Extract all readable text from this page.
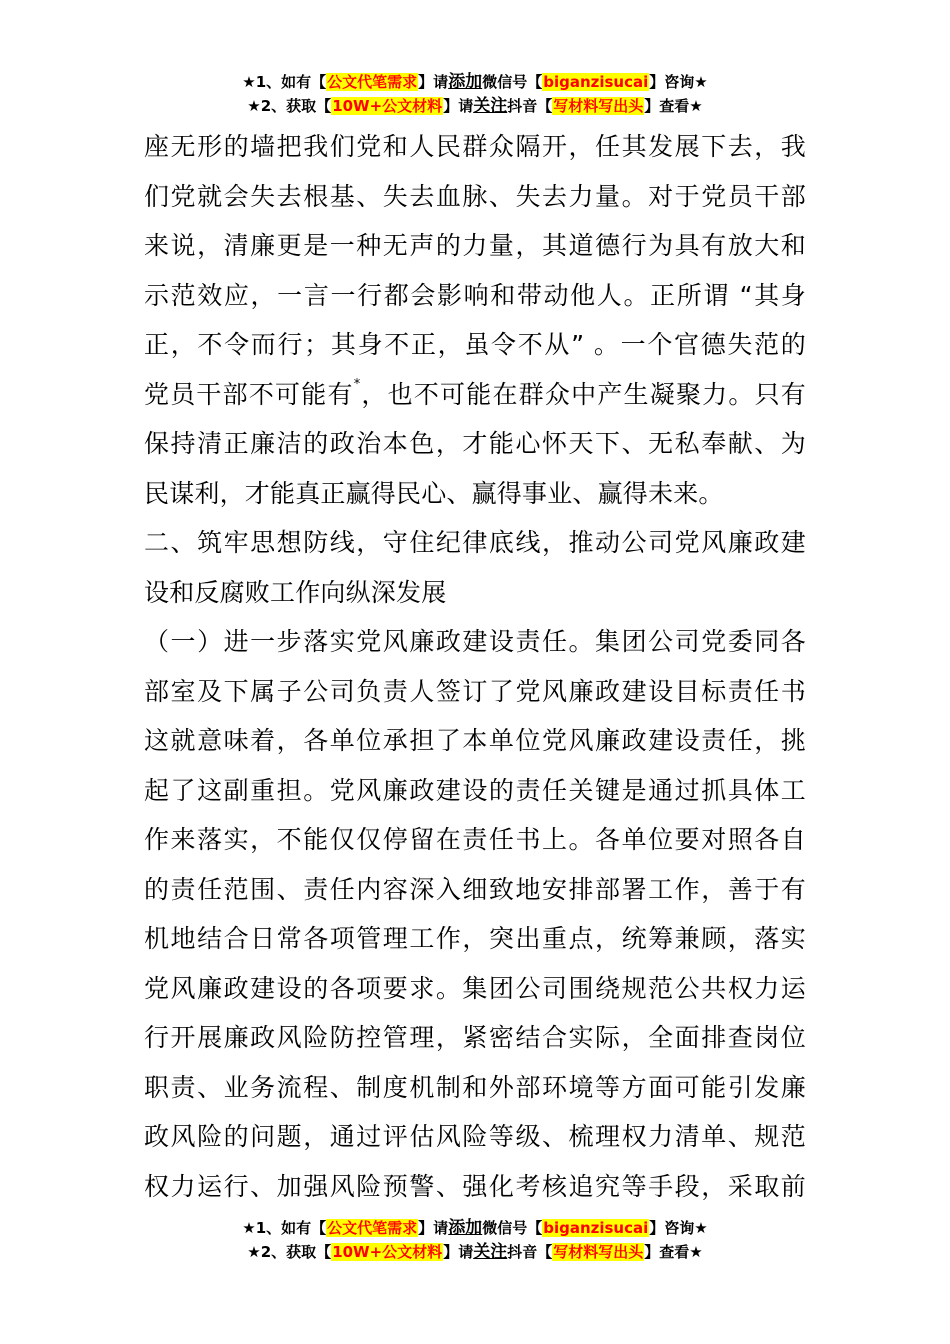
★1、如有【公文代笔需求】请添加微信号【biganzisucai】咨询★
★2、获取【10W+公文材料】请关注抖音【写材料写出头】查看★
座无形的墙把我们党和人民群众隔开，任其发展下去，我
们党就会失去根基、失去血脉、失去力量。对于党员干部
来说，清廉更是一种无声的力量，其道德行为具有放大和
示范效应，一言一行都会影响和带动他人。正所谓 “其身
正，不令而行；其身不正，虽令不从” 。一个官德失范的
党员干部不可能有*，也不可能在群众中产生凝聚力。只有
保持清正廉洁的政治本色，才能心怀天下、无私奉献、为
民谋利，才能真正赢得民心、赢得事业、赢得未来。
二、筑牢思想防线，守住纪律底线，推动公司党风廉政建
设和反腐败工作向纵深发展
（一）进一步落实党风廉政建设责任。集团公司党委同各
部室及下属子公司负责人签订了党风廉政建设目标责任书
这就意味着，各单位承担了本单位党风廉政建设责任，挑
起了这副重担。党风廉政建设的责任关键是通过抓具体工
作来落实，不能仅仅停留在责任书上。各单位要对照各自
的责任范围、责任内容深入细致地安排部署工作，善于有
机地结合日常各项管理工作，突出重点，统筹兼顾，落实
党风廉政建设的各项要求。集团公司围绕规范公共权力运
行开展廉政风险防控管理，紧密结合实际，全面排查岗位
职责、业务流程、制度机制和外部环境等方面可能引发廉
政风险的问题，通过评估风险等级、梳理权力清单、规范
权力运行、加强风险预警、强化考核追究等手段，采取前
★1、如有【公文代笔需求】请添加微信号【biganzisucai】咨询★
★2、获取【10W+公文材料】请关注抖音【写材料写出头】查看★
